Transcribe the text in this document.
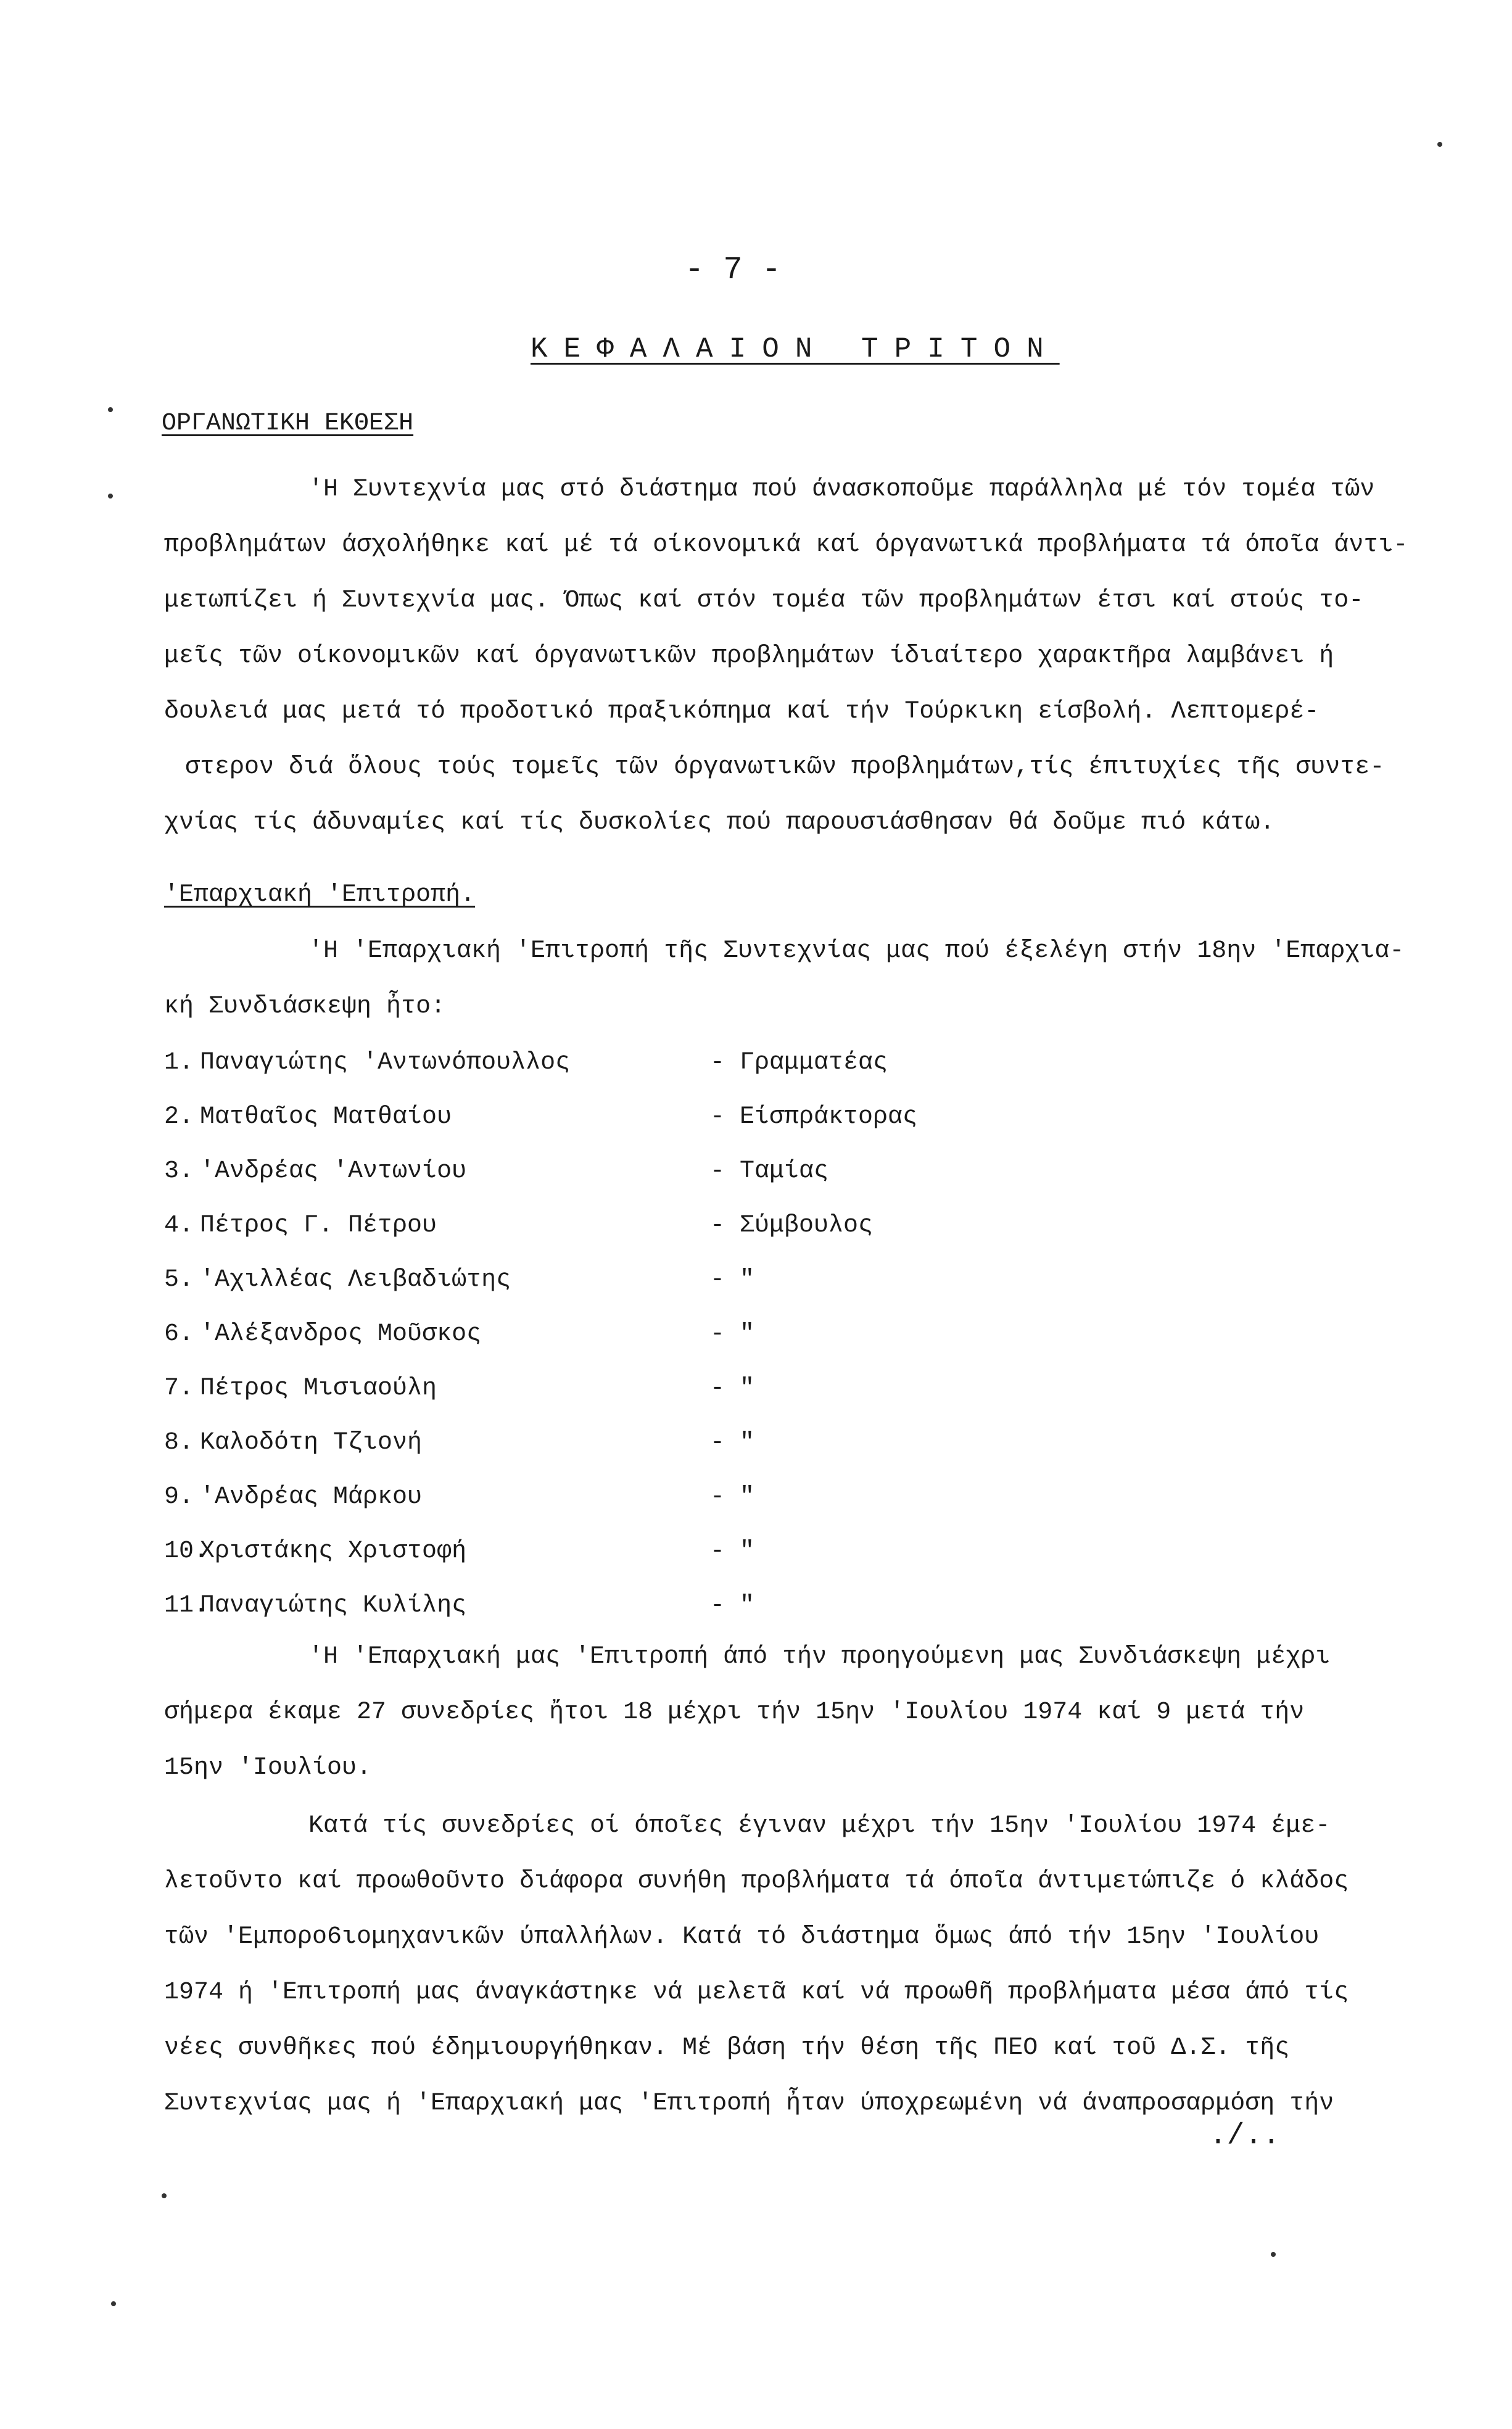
- 7 -
ΚΕΦΑΛΑΙΟΝ ΤΡΙΤΟΝ
ΟΡΓΑΝΩΤΙΚΗ ΕΚΘΕΣΗ
'Η Συντεχνία μας στό διάστημα πού άνασκοποῦμε παράλληλα μέ τόν τομέα τῶν
προβλημάτων άσχολήθηκε καί μέ τά οίκονομικά καί όργανωτικά προβλήματα τά όποῖα άντι-
μετωπίζει ή Συντεχνία μας. Όπως καί στόν τομέα τῶν προβλημάτων έτσι καί στούς το-
μεῖς τῶν οίκονομικῶν καί όργανωτικῶν προβλημάτων ίδιαίτερο χαρακτῆρα λαμβάνει ή
δουλειά μας μετά τό προδοτικό πραξικόπημα καί τήν Τούρκικη είσβολή. Λεπτομερέ-
στερον διά ὅλους τούς τομεῖς τῶν όργανωτικῶν προβλημάτων,τίς έπιτυχίες τῆς συντε-
χνίας τίς άδυναμίες καί τίς δυσκολίες πού παρουσιάσθησαν θά δοῦμε πιό κάτω.
'Επαρχιακή 'Επιτροπή.
'Η 'Επαρχιακή 'Επιτροπή τῆς Συντεχνίας μας πού έξελέγη στήν 18ην 'Επαρχια-
κή Συνδιάσκεψη ἦτο:
1. Παναγιώτης 'Αντωνόπουλλος	- Γραμματέας
2. Ματθαῖος Ματθαίου	- Είσπράκτορας
3. 'Ανδρέας 'Αντωνίου	- Ταμίας
4. Πέτρος Γ. Πέτρου	- Σύμβουλος
5. 'Αχιλλέας Λειβαδιώτης	- "
6. 'Αλέξανδρος Μοῦσκος	- "
7. Πέτρος Μισιαούλη	- "
8. Καλοδότη Τζιονή	- "
9. 'Ανδρέας Μάρκου	- "
10.Χριστάκης Χριστοφή	- "
11.Παναγιώτης Κυλίλης	- "
'Η 'Επαρχιακή μας 'Επιτροπή άπό τήν προηγούμενη μας Συνδιάσκεψη μέχρι
σήμερα έκαμε 27 συνεδρίες ἤτοι 18 μέχρι τήν 15ην 'Ιουλίου 1974 καί 9 μετά τήν
15ην 'Ιουλίου.
Κατά τίς συνεδρίες οί όποῖες έγιναν μέχρι τήν 15ην 'Ιουλίου 1974 έμε-
λετοῦντο καί προωθοῦντο διάφορα συνήθη προβλήματα τά όποῖα άντιμετώπιζε ό κλάδος
τῶν 'Εμπορο6ιομηχανικῶν ύπαλλήλων. Κατά τό διάστημα ὅμως άπό τήν 15ην 'Ιουλίου
1974 ή 'Επιτροπή μας άναγκάστηκε νά μελετᾶ καί νά προωθῆ προβλήματα μέσα άπό τίς
νέες συνθῆκες πού έδημιουργήθηκαν. Μέ βάση τήν θέση τῆς ΠΕΟ καί τοῦ Δ.Σ. τῆς
Συντεχνίας μας ή 'Επαρχιακή μας 'Επιτροπή ἦταν ύποχρεωμένη νά άναπροσαρμόση τήν
./..
